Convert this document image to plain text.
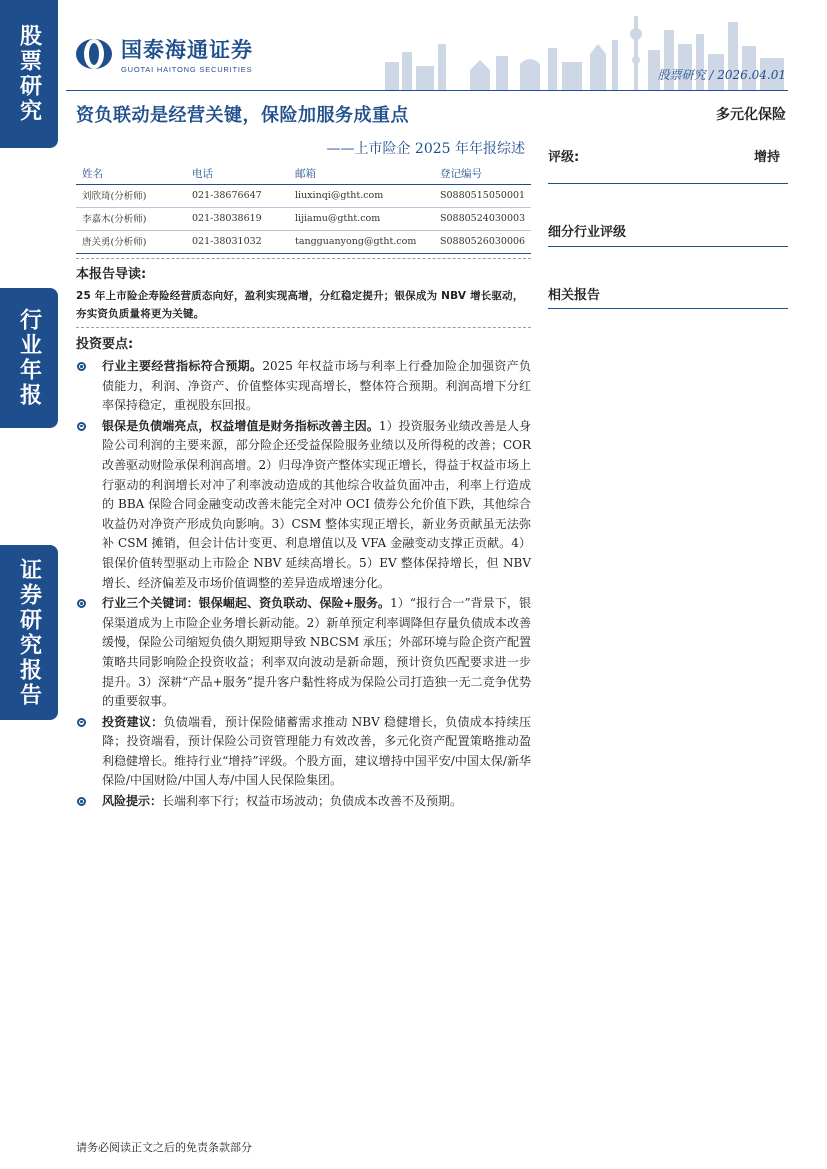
股票研究
行业年报
证券研究报告
国泰海通证券
GUOTAI HAITONG SECURITIES	股票研究 / 2026.04.01
资负联动是经营关键，保险加服务成重点	多元化保险
——上市险企 2025 年年报综述
姓名	电话	邮箱	登记编号
刘欣琦(分析师)	021-38676647	liuxinqi@gtht.com	S0880515050001
李嘉木(分析师)	021-38038619	lijiamu@gtht.com	S0880524030003
唐关勇(分析师)	021-38031032	tangguanyong@gtht.com	S0880526030006
评级:	增持
细分行业评级
相关报告
本报告导读:
25 年上市险企寿险经营质态向好，盈利实现高增，分红稳定提升；银保成为 NBV 增长驱动，夯实资负质量将更为关键。
投资要点:
行业主要经营指标符合预期。2025 年权益市场与利率上行叠加险企加强资产负债能力，利润、净资产、价值整体实现高增长，整体符合预期。利润高增下分红率保持稳定，重视股东回报。
银保是负债端亮点，权益增值是财务指标改善主因。1）投资服务业绩改善是人身险公司利润的主要来源，部分险企还受益保险服务业绩以及所得税的改善；COR 改善驱动财险承保利润高增。2）归母净资产整体实现正增长，得益于权益市场上行驱动的利润增长对冲了利率波动造成的其他综合收益负面冲击，利率上行造成的 BBA 保险合同金融变动改善未能完全对冲 OCI 债券公允价值下跌，其他综合收益仍对净资产形成负向影响。3）CSM 整体实现正增长，新业务贡献虽无法弥补 CSM 摊销，但会计估计变更、利息增值以及 VFA 金融变动支撑正贡献。4）银保价值转型驱动上市险企 NBV 延续高增长。5）EV 整体保持增长，但 NBV 增长、经济偏差及市场价值调整的差异造成增速分化。
行业三个关键词：银保崛起、资负联动、保险+服务。1）“报行合一”背景下，银保渠道成为上市险企业务增长新动能。2）新单预定利率调降但存量负债成本改善缓慢，保险公司缩短负债久期短期导致 NBCSM 承压；外部环境与险企资产配置策略共同影响险企投资收益；利率双向波动是新命题，预计资负匹配要求进一步提升。3）深耕“产品+服务”提升客户黏性将成为保险公司打造独一无二竞争优势的重要叙事。
投资建议：负债端看，预计保险储蓄需求推动 NBV 稳健增长，负债成本持续压降；投资端看，预计保险公司资管理能力有效改善，多元化资产配置策略推动盈利稳健增长。维持行业“增持”评级。个股方面，建议增持中国平安/中国太保/新华保险/中国财险/中国人寿/中国人民保险集团。
风险提示：长端利率下行；权益市场波动；负债成本改善不及预期。
请务必阅读正文之后的免责条款部分
